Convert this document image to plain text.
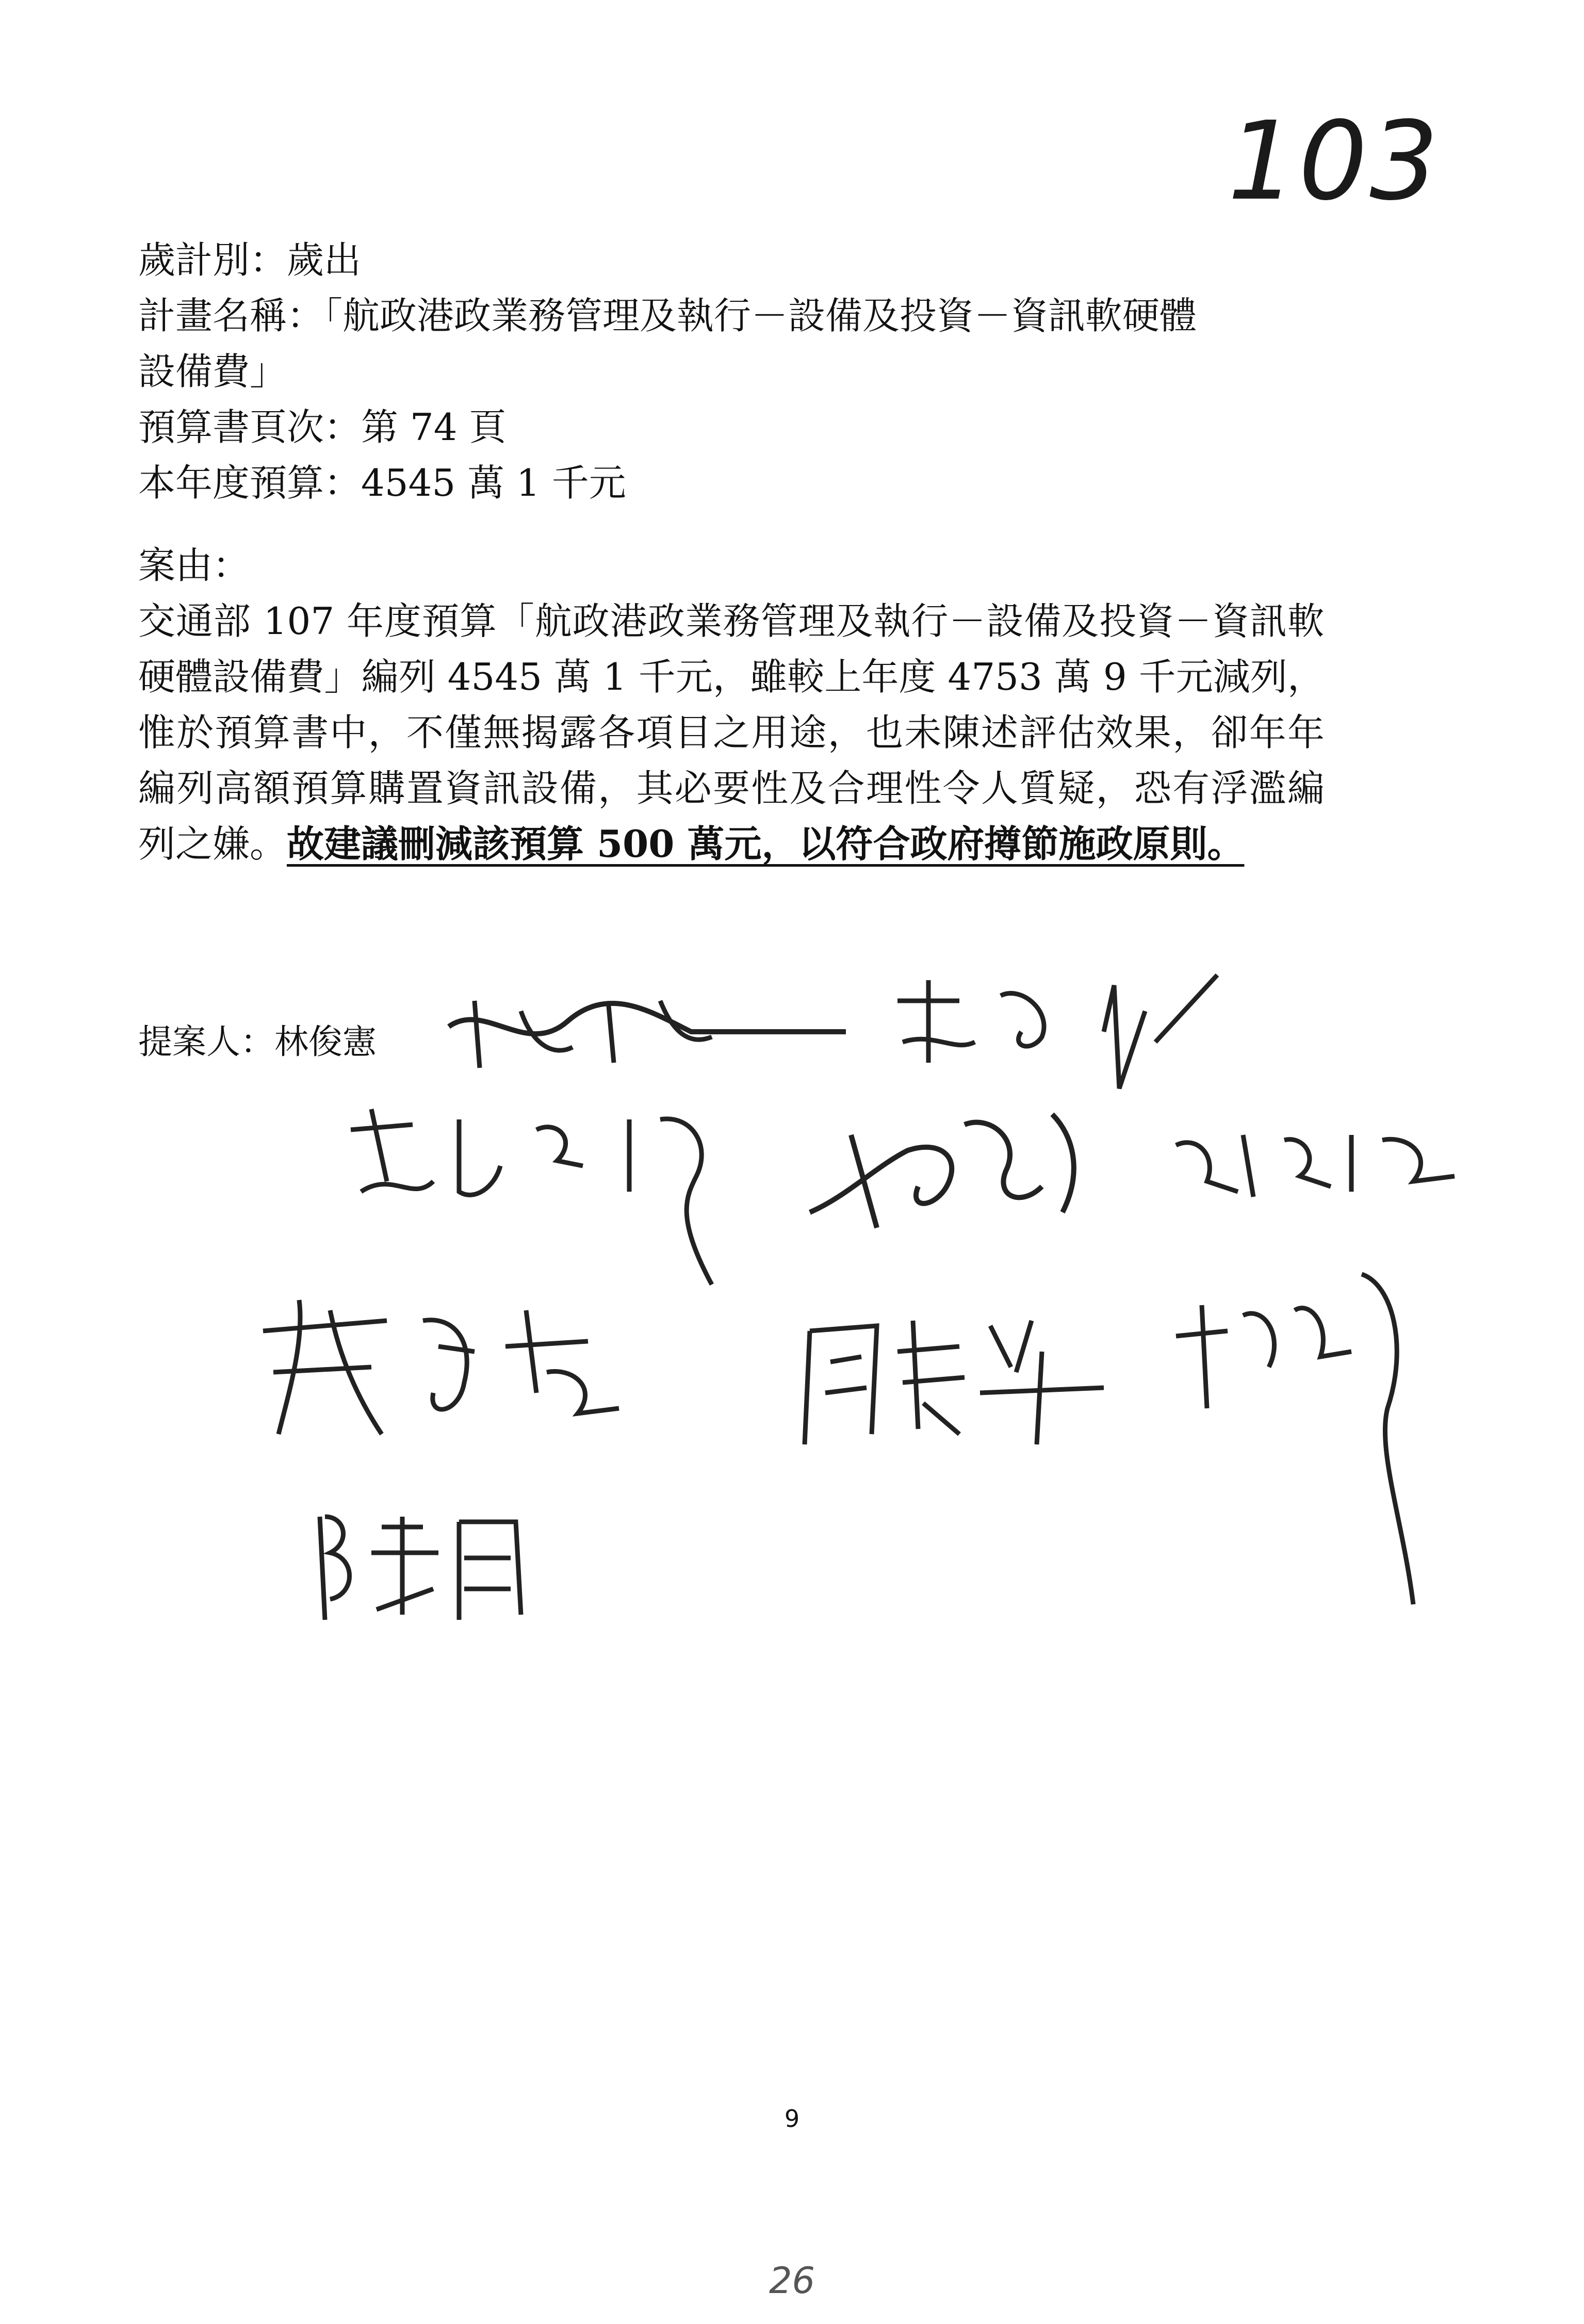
103
歲計別：歲出
計畫名稱：「航政港政業務管理及執行－設備及投資－資訊軟硬體
設備費」
預算書頁次：第 74 頁
本年度預算：4545 萬 1 千元
案由：
交通部 107 年度預算「航政港政業務管理及執行－設備及投資－資訊軟硬體設備費」編列 4545 萬 1 千元，雖較上年度 4753 萬 9 千元減列，惟於預算書中，不僅無揭露各項目之用途，也未陳述評估效果，卻年年編列高額預算購置資訊設備，其必要性及合理性令人質疑，恐有浮濫編列之嫌。故建議刪減該預算 500 萬元，以符合政府撙節施政原則。
提案人：林俊憲
9
26
